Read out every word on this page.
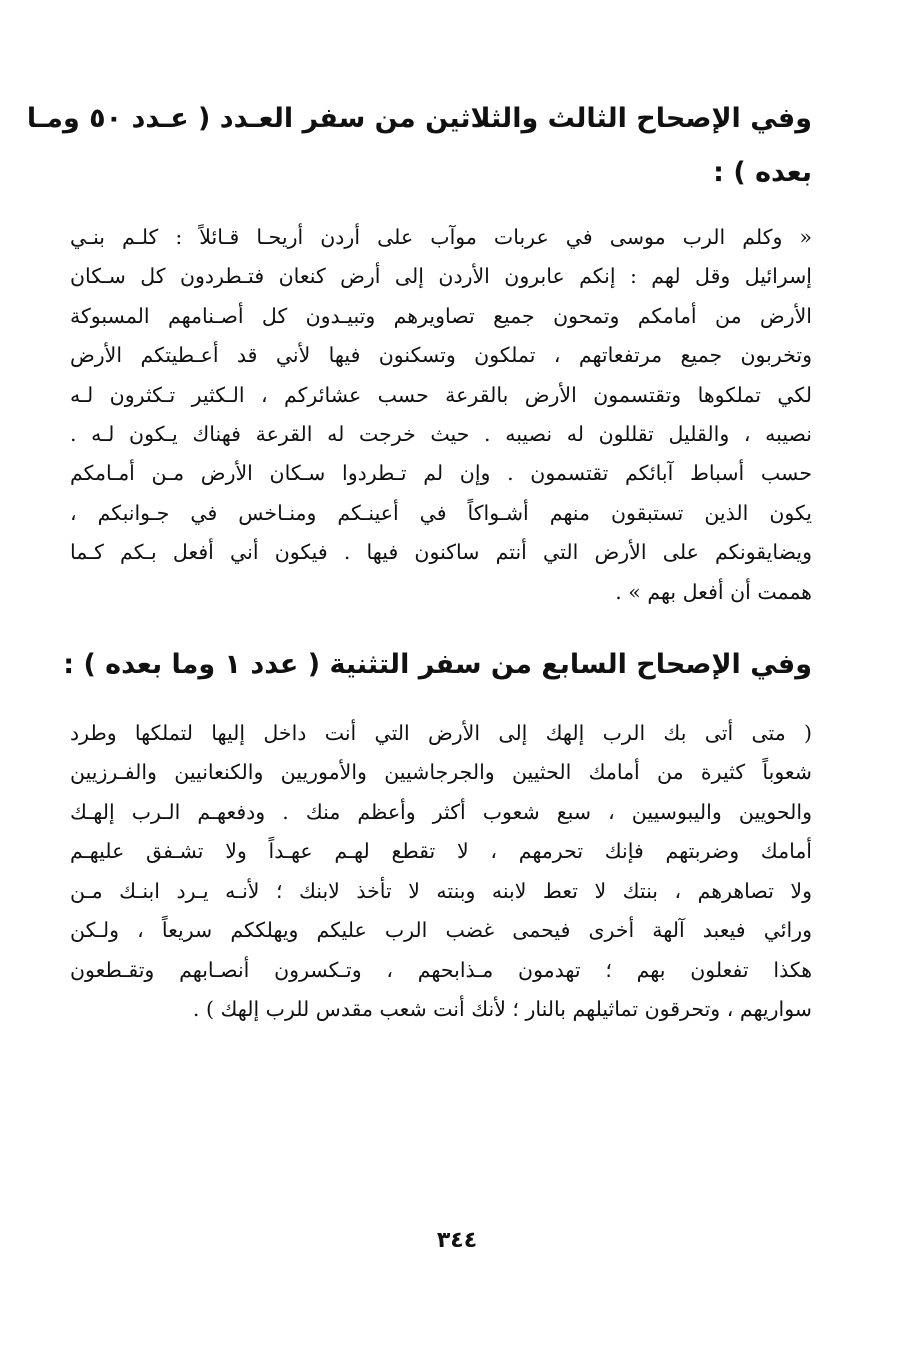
وفي الإصحاح الثالث والثلاثين من سفر العـدد ( عـدد ٥٠ ومـا
بعده ) :

« وكلم الرب موسى في عربات موآب على أردن أريحـا قـائلاً : كلـم بنـي
إسرائيل وقل لهم : إنكم عابرون الأردن إلى أرض كنعان فتـطردون كل سـكان
الأرض من أمامكم وتمحون جميع تصاويرهم وتبيـدون كل أصـنامهم المسبوكة
وتخربون جميع مرتفعاتهم ، تملكون وتسكنون فيها لأني قد أعـطيتكم الأرض
لكي تملكوها وتقتسمون الأرض بالقرعة حسب عشائركم ، الـكثير تـكثرون لـه
نصيبه ، والقليل تقللون له نصيبه . حيث خرجت له القرعة فهناك يـكون لـه .
حسب أسباط آبائكم تقتسمون . وإن لم تـطردوا سـكان الأرض مـن أمـامكم
يكون الذين تستبقون منهم أشـواكاً في أعينـكم ومنـاخس في جـوانبكم ،
ويضايقونكم على الأرض التي أنتم ساكنون فيها . فيكون أني أفعل بـكم كـما
هممت أن أفعل بهم » .

وفي الإصحاح السابع من سفر التثنية ( عدد ١ وما بعده ) :

( متى أتى بك الرب إلهك إلى الأرض التي أنت داخل إليها لتملكها وطرد
شعوباً كثيرة من أمامك الحثيين والجرجاشيين والأموريين والكنعانيين والفـرزيين
والحويين واليبوسيين ، سبع شعوب أكثر وأعظم منك . ودفعهـم الـرب إلهـك
أمامك وضربتهم فإنك تحرمهم ، لا تقطع لهـم عهـداً ولا تشـفق عليهـم
ولا تصاهرهم ، بنتك لا تعط لابنه وبنته لا تأخذ لابنك ؛ لأنـه يـرد ابنـك مـن
ورائي فيعبد آلهة أخرى فيحمى غضب الرب عليكم ويهلككم سريعاً ، ولـكن
هكذا تفعلون بهم ؛ تهدمون مـذابحهم ، وتـكسرون أنصـابهم وتقـطعون
سواريهم ، وتحرقون تماثيلهم بالنار ؛ لأنك أنت شعب مقدس للرب إلهك ) .

٣٤٤
